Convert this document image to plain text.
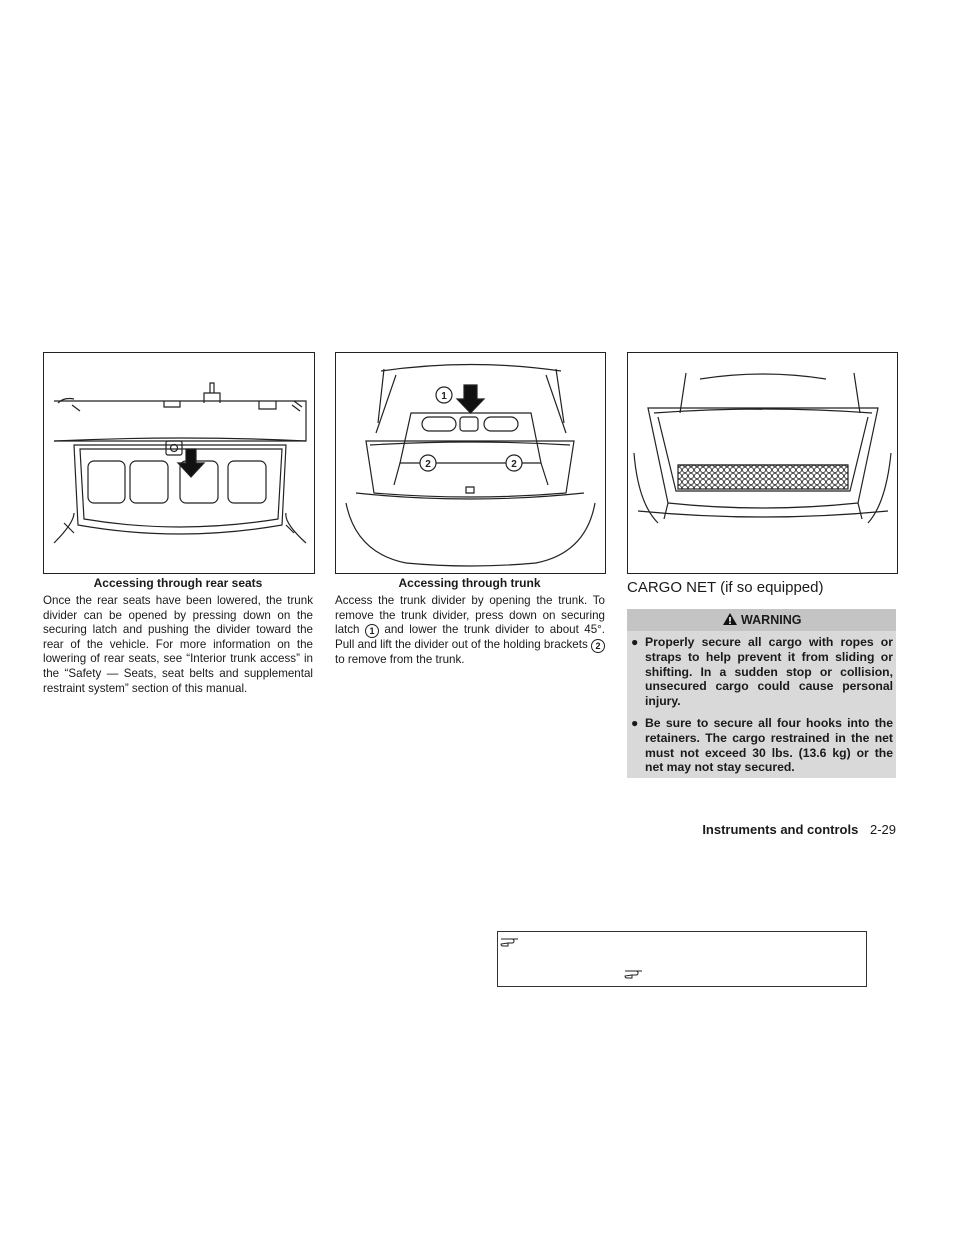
Accessing through rear seats
1
2	2
Accessing through trunk
Once the rear seats have been lowered, the trunk divider can be opened by pressing down on the securing latch and pushing the divider toward the rear of the vehicle. For more information on the lowering of rear seats, see “Interior trunk access” in the “Safety — Seats, seat belts and supplemental restraint system” section of this manual.
Access the trunk divider by opening the trunk. To remove the trunk divider, press down on securing latch 1 and lower the trunk divider to about 45°. Pull and lift the divider out of the holding brackets 2 to remove from the trunk.
CARGO NET (if so equipped)
WARNING
● Properly secure all cargo with ropes or straps to help prevent it from sliding or shifting. In a sudden stop or collision, unsecured cargo could cause personal injury.
● Be sure to secure all four hooks into the retainers. The cargo restrained in the net must not exceed 30 lbs. (13.6 kg) or the net may not stay secured.
Instruments and controls 2-29
